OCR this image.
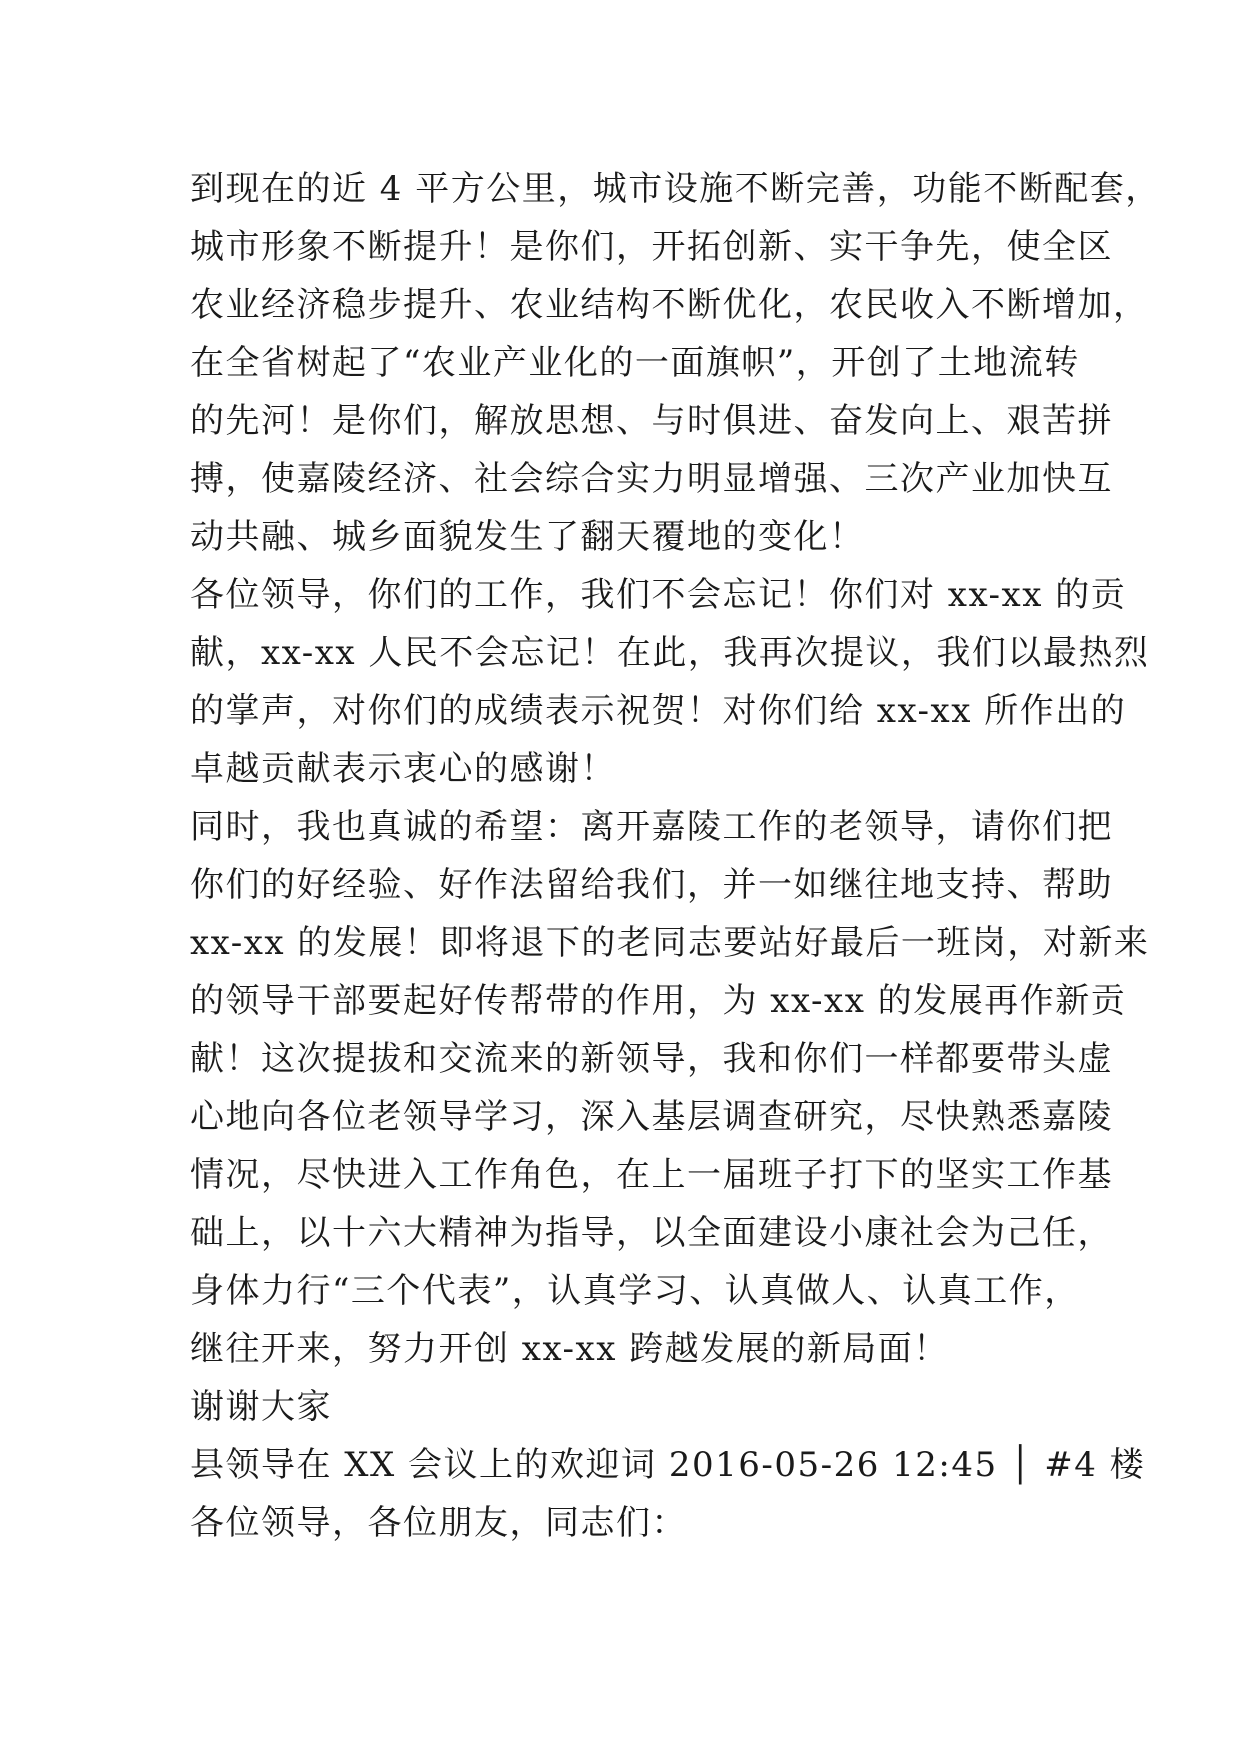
到现在的近 4 平方公里，城市设施不断完善，功能不断配套，
城市形象不断提升！是你们，开拓创新、实干争先，使全区
农业经济稳步提升、农业结构不断优化，农民收入不断增加，
在全省树起了“农业产业化的一面旗帜”，开创了土地流转
的先河！是你们，解放思想、与时俱进、奋发向上、艰苦拼
搏，使嘉陵经济、社会综合实力明显增强、三次产业加快互
动共融、城乡面貌发生了翻天覆地的变化！
各位领导，你们的工作，我们不会忘记！你们对 xx-xx 的贡
献，xx-xx 人民不会忘记！在此，我再次提议，我们以最热烈
的掌声，对你们的成绩表示祝贺！对你们给 xx-xx 所作出的
卓越贡献表示衷心的感谢！
同时，我也真诚的希望：离开嘉陵工作的老领导，请你们把
你们的好经验、好作法留给我们，并一如继往地支持、帮助
xx-xx 的发展！即将退下的老同志要站好最后一班岗，对新来
的领导干部要起好传帮带的作用，为 xx-xx 的发展再作新贡
献！这次提拔和交流来的新领导，我和你们一样都要带头虚
心地向各位老领导学习，深入基层调查研究，尽快熟悉嘉陵
情况，尽快进入工作角色，在上一届班子打下的坚实工作基
础上，以十六大精神为指导，以全面建设小康社会为己任，
身体力行“三个代表”，认真学习、认真做人、认真工作，
继往开来，努力开创 xx-xx 跨越发展的新局面！
谢谢大家
县领导在 XX 会议上的欢迎词 2016-05-26 12:45 │ #4 楼
各位领导，各位朋友，同志们：
